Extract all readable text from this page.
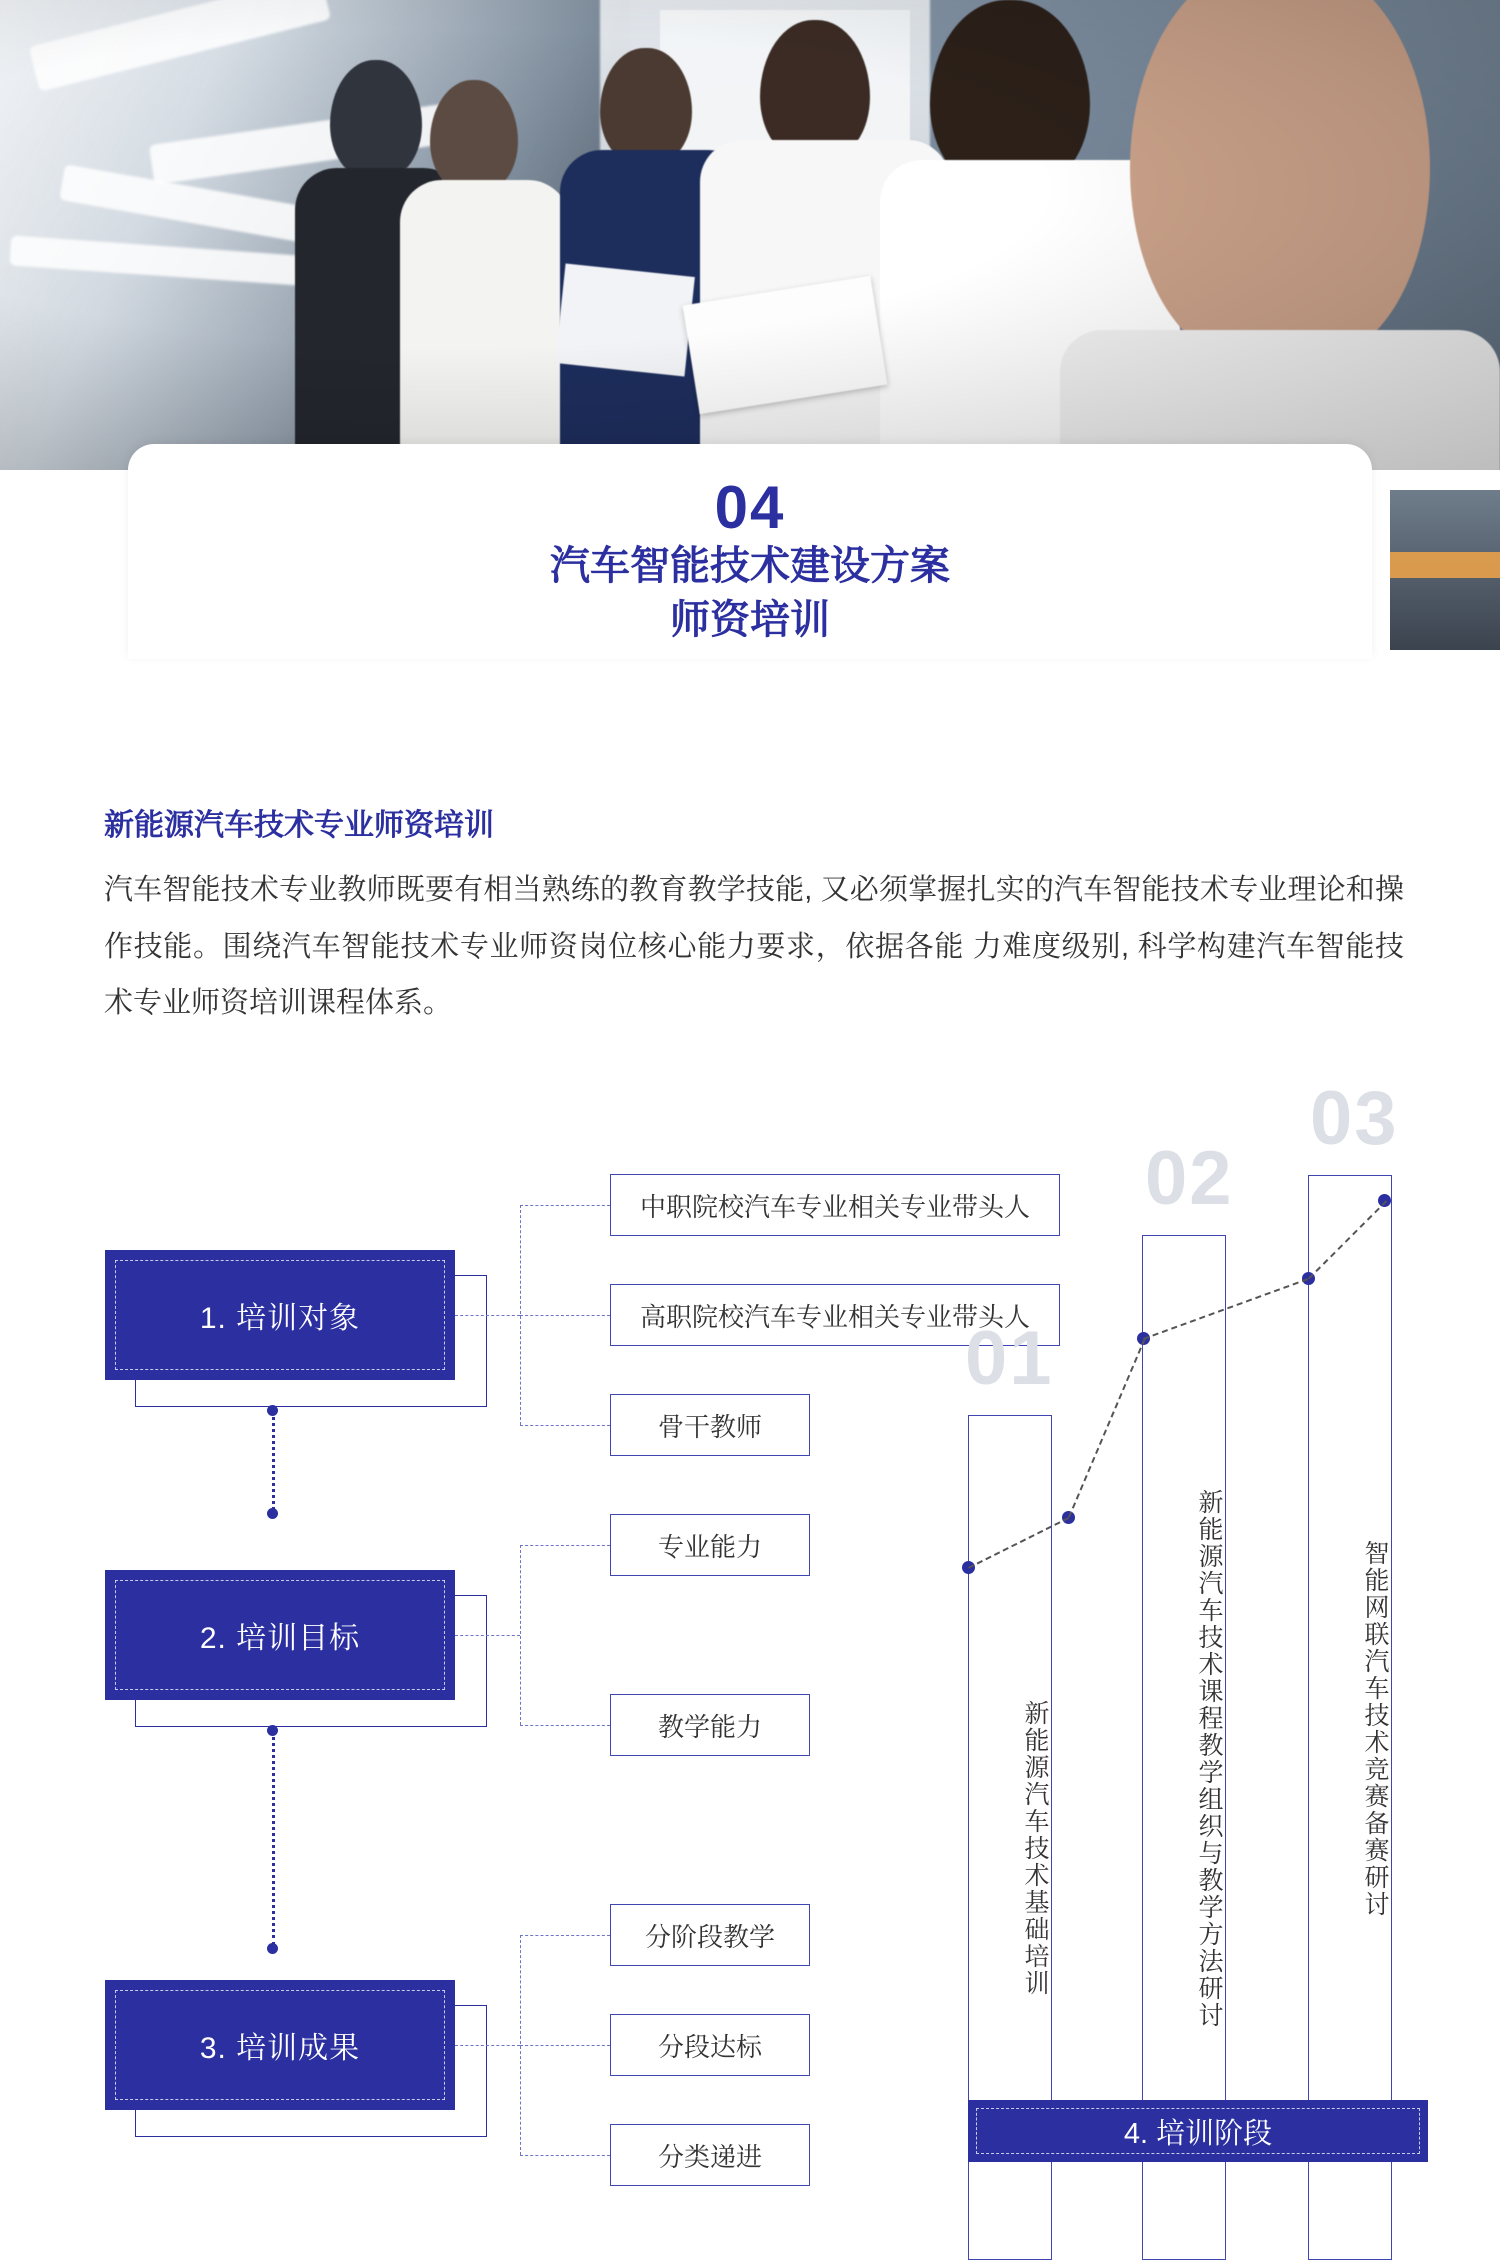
04
汽车智能技术建设方案
师资培训
新能源汽车技术专业师资培训
汽车智能技术专业教师既要有相当熟练的教育教学技能, 又必须掌握扎实的汽车智能技术专业理论和操作技能。围绕汽车智能技术专业师资岗位核心能力要求，依据各能 力难度级别, 科学构建汽车智能技术专业师资培训课程体系。
1. 培训对象
中职院校汽车专业相关专业带头人
高职院校汽车专业相关专业带头人
骨干教师
2. 培训目标
专业能力
教学能力
3. 培训成果
分阶段教学
分段达标
分类递进
01
02
03
新能源汽车技术基础培训	新能源汽车技术课程教学组织与教学方法研讨	智能网联汽车技术竞赛备赛研讨
4. 培训阶段
